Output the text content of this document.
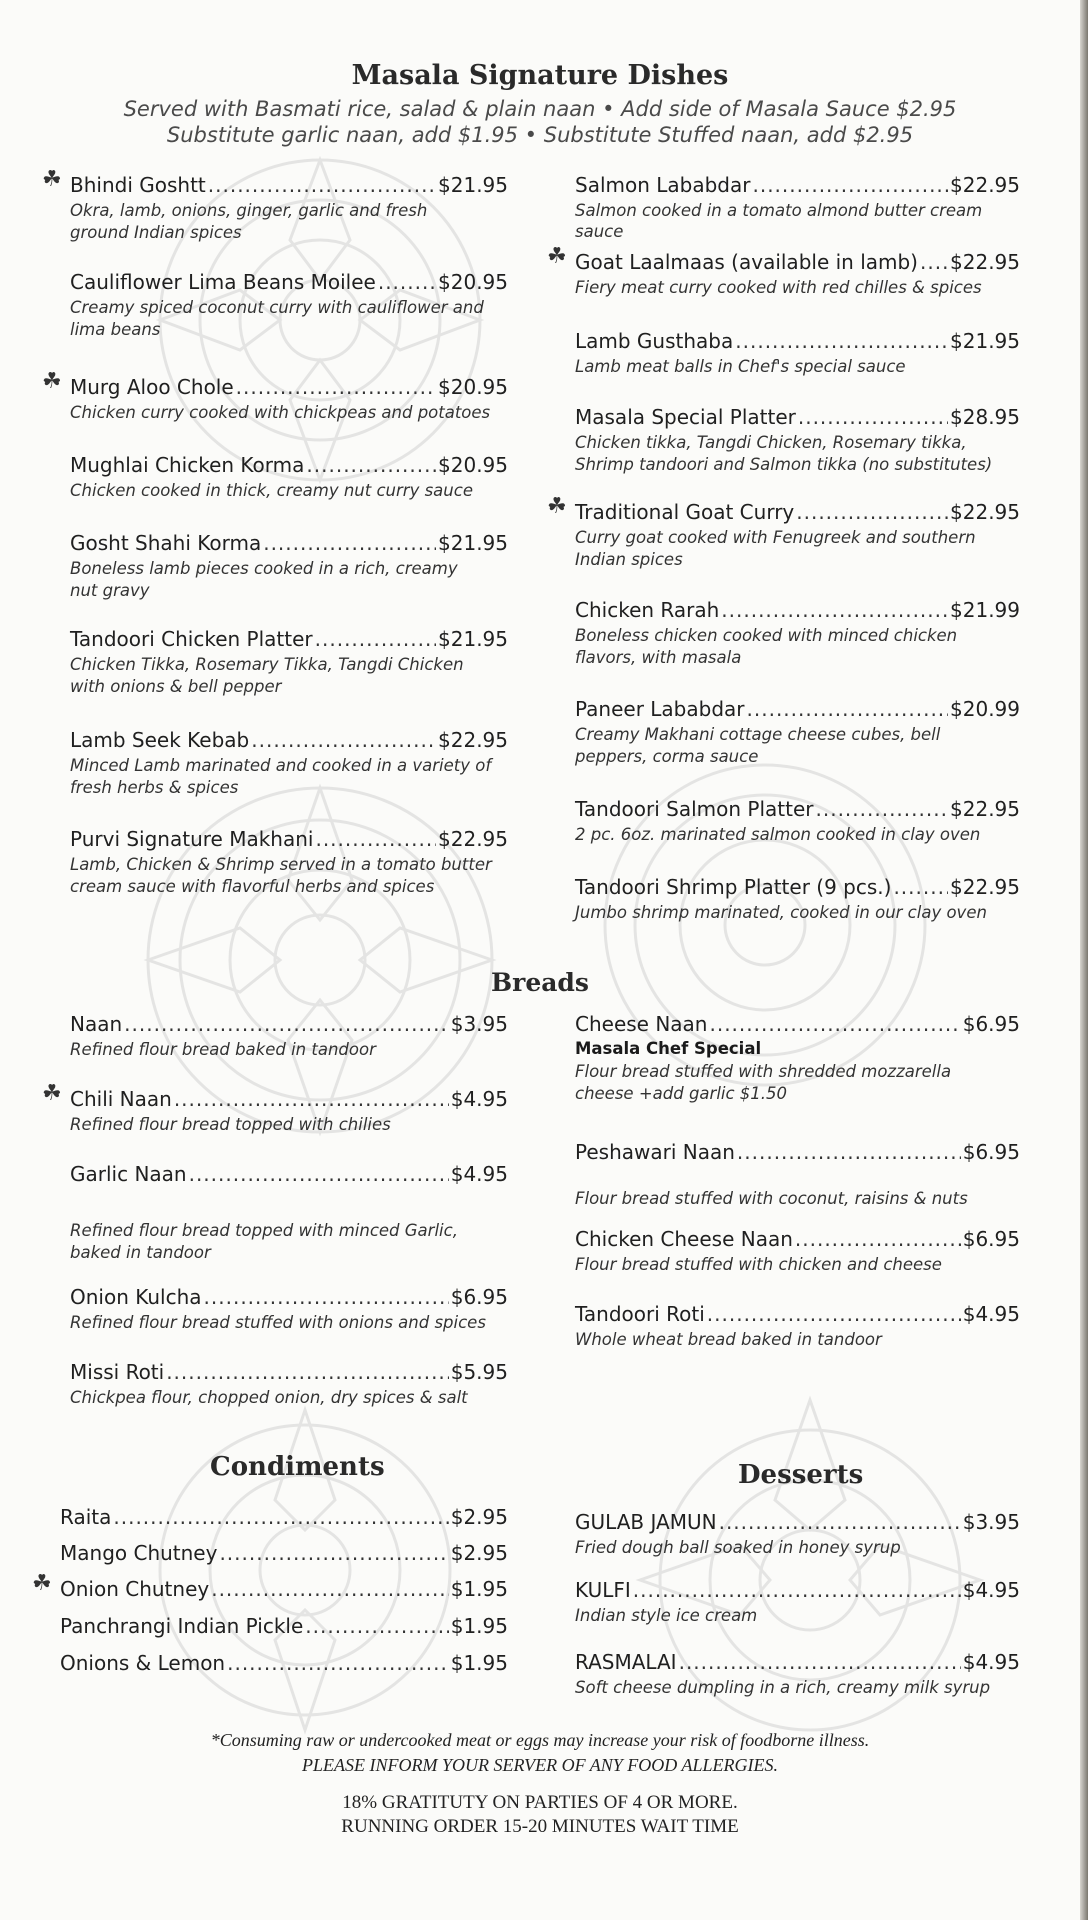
Masala Signature Dishes
Served with Basmati rice, salad & plain naan • Add side of Masala Sauce $2.95
Substitute garlic naan, add $1.95 • Substitute Stuffed naan, add $2.95
☘ Bhindi Goshtt .....	$21.95
Okra, lamb, onions, ginger, garlic and fresh
ground Indian spices
Cauliflower Lima Beans Moilee .....	$20.95
Creamy spiced coconut curry with cauliflower and
lima beans
☘ Murg Aloo Chole .....	$20.95
Chicken curry cooked with chickpeas and potatoes
Mughlai Chicken Korma .....	$20.95
Chicken cooked in thick, creamy nut curry sauce
Gosht Shahi Korma .....	$21.95
Boneless lamb pieces cooked in a rich, creamy
nut gravy
Tandoori Chicken Platter .....	$21.95
Chicken Tikka, Rosemary Tikka, Tangdi Chicken
with onions & bell pepper
Lamb Seek Kebab .....	$22.95
Minced Lamb marinated and cooked in a variety of
fresh herbs & spices
Purvi Signature Makhani .....	$22.95
Lamb, Chicken & Shrimp served in a tomato butter
cream sauce with flavorful herbs and spices
Salmon Lababdar .....	$22.95
Salmon cooked in a tomato almond butter cream sauce
☘ Goat Laalmaas (available in lamb) ..... $22.95
Fiery meat curry cooked with red chilles & spices
Lamb Gusthaba .....	$21.95
Lamb meat balls in Chef's special sauce
Masala Special Platter .....	$28.95
Chicken tikka, Tangdi Chicken, Rosemary tikka,
Shrimp tandoori and Salmon tikka (no substitutes)
☘ Traditional Goat Curry .....	$22.95
Curry goat cooked with Fenugreek and southern
Indian spices
Chicken Rarah .....	$21.99
Boneless chicken cooked with minced chicken
flavors, with masala
Paneer Lababdar .....	$20.99
Creamy Makhani cottage cheese cubes, bell
peppers, corma sauce
Tandoori Salmon Platter .....	$22.95
2 pc. 6oz. marinated salmon cooked in clay oven
Tandoori Shrimp Platter (9 pcs.) .....	$22.95
Jumbo shrimp marinated, cooked in our clay oven
Naan .....	$3.95
Refined flour bread baked in tandoor
☘ Chili Naan .....	$4.95
Refined flour bread topped with chilies
Garlic Naan .....	$4.95
Refined flour bread topped with minced Garlic,
baked in tandoor
Onion Kulcha .....	$6.95
Refined flour bread stuffed with onions and spices
Missi Roti .....	$5.95
Chickpea flour, chopped onion, dry spices & salt
Cheese Naan .....	$6.95
Masala Chef Special
Flour bread stuffed with shredded mozzarella
cheese +add garlic $1.50
Peshawari Naan .....	$6.95
Flour bread stuffed with coconut, raisins & nuts
Chicken Cheese Naan .....	$6.95
Flour bread stuffed with chicken and cheese
Tandoori Roti .....	$4.95
Whole wheat bread baked in tandoor
Raita .....	$2.95
Mango Chutney .....	$2.95
☘ Onion Chutney .....	$1.95
Panchrangi Indian Pickle .....	$1.95
Onions & Lemon .....	$1.95
GULAB JAMUN .....	$3.95
Fried dough ball soaked in honey syrup
KULFI .....	$4.95
Indian style ice cream
RASMALAI .....	$4.95
Soft cheese dumpling in a rich, creamy milk syrup
Breads
Condiments	Desserts
*Consuming raw or undercooked meat or eggs may increase your risk of foodborne illness.
PLEASE INFORM YOUR SERVER OF ANY FOOD ALLERGIES.
18% GRATITUTY ON PARTIES OF 4 OR MORE.
RUNNING ORDER 15-20 MINUTES WAIT TIME
